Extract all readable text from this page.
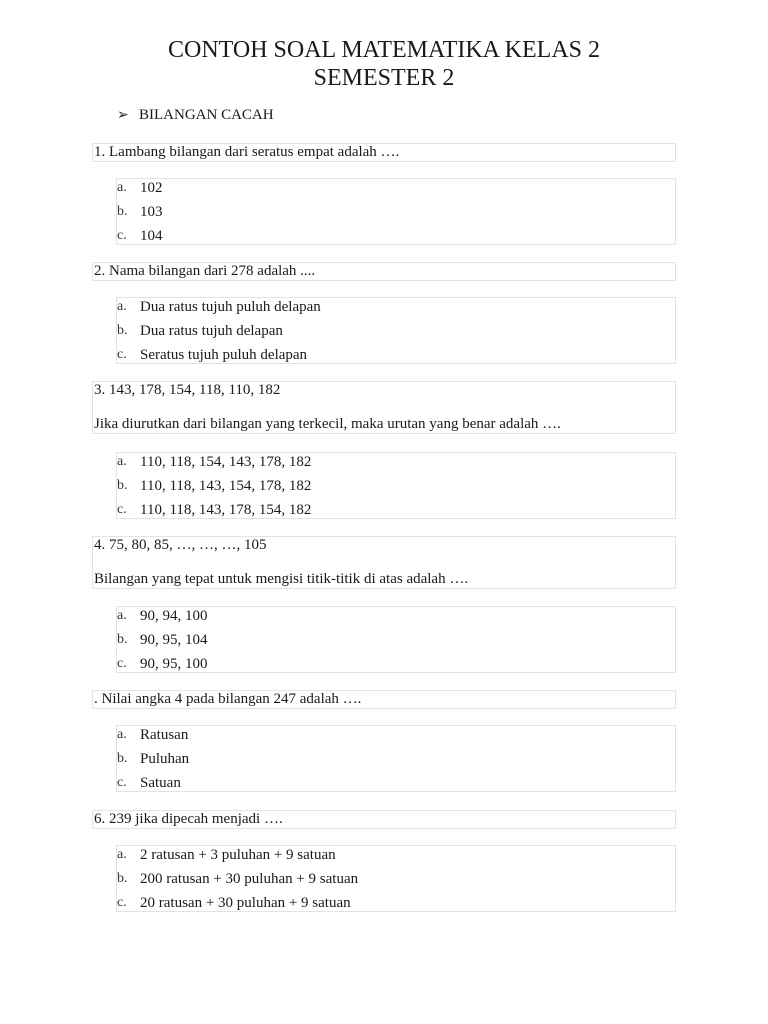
CONTOH SOAL MATEMATIKA KELAS 2
SEMESTER 2
➢ BILANGAN CACAH
1. Lambang bilangan dari seratus empat adalah ….
a. 102
b. 103
c. 104
2. Nama bilangan dari 278 adalah ....
a. Dua ratus tujuh puluh delapan
b. Dua ratus tujuh delapan
c. Seratus tujuh puluh delapan
3. 143, 178, 154, 118, 110, 182
Jika diurutkan dari bilangan yang terkecil, maka urutan yang benar adalah ….
a. 110, 118, 154, 143, 178, 182
b. 110, 118, 143, 154, 178, 182
c. 110, 118, 143, 178, 154, 182
4. 75, 80, 85, …, …, …, 105
Bilangan yang tepat untuk mengisi titik-titik di atas adalah ….
a. 90, 94, 100
b. 90, 95, 104
c. 90, 95, 100
. Nilai angka 4 pada bilangan 247 adalah ….
a. Ratusan
b. Puluhan
c. Satuan
6. 239 jika dipecah menjadi ….
a. 2 ratusan + 3 puluhan + 9 satuan
b. 200 ratusan + 30 puluhan + 9 satuan
c. 20 ratusan + 30 puluhan + 9 satuan
